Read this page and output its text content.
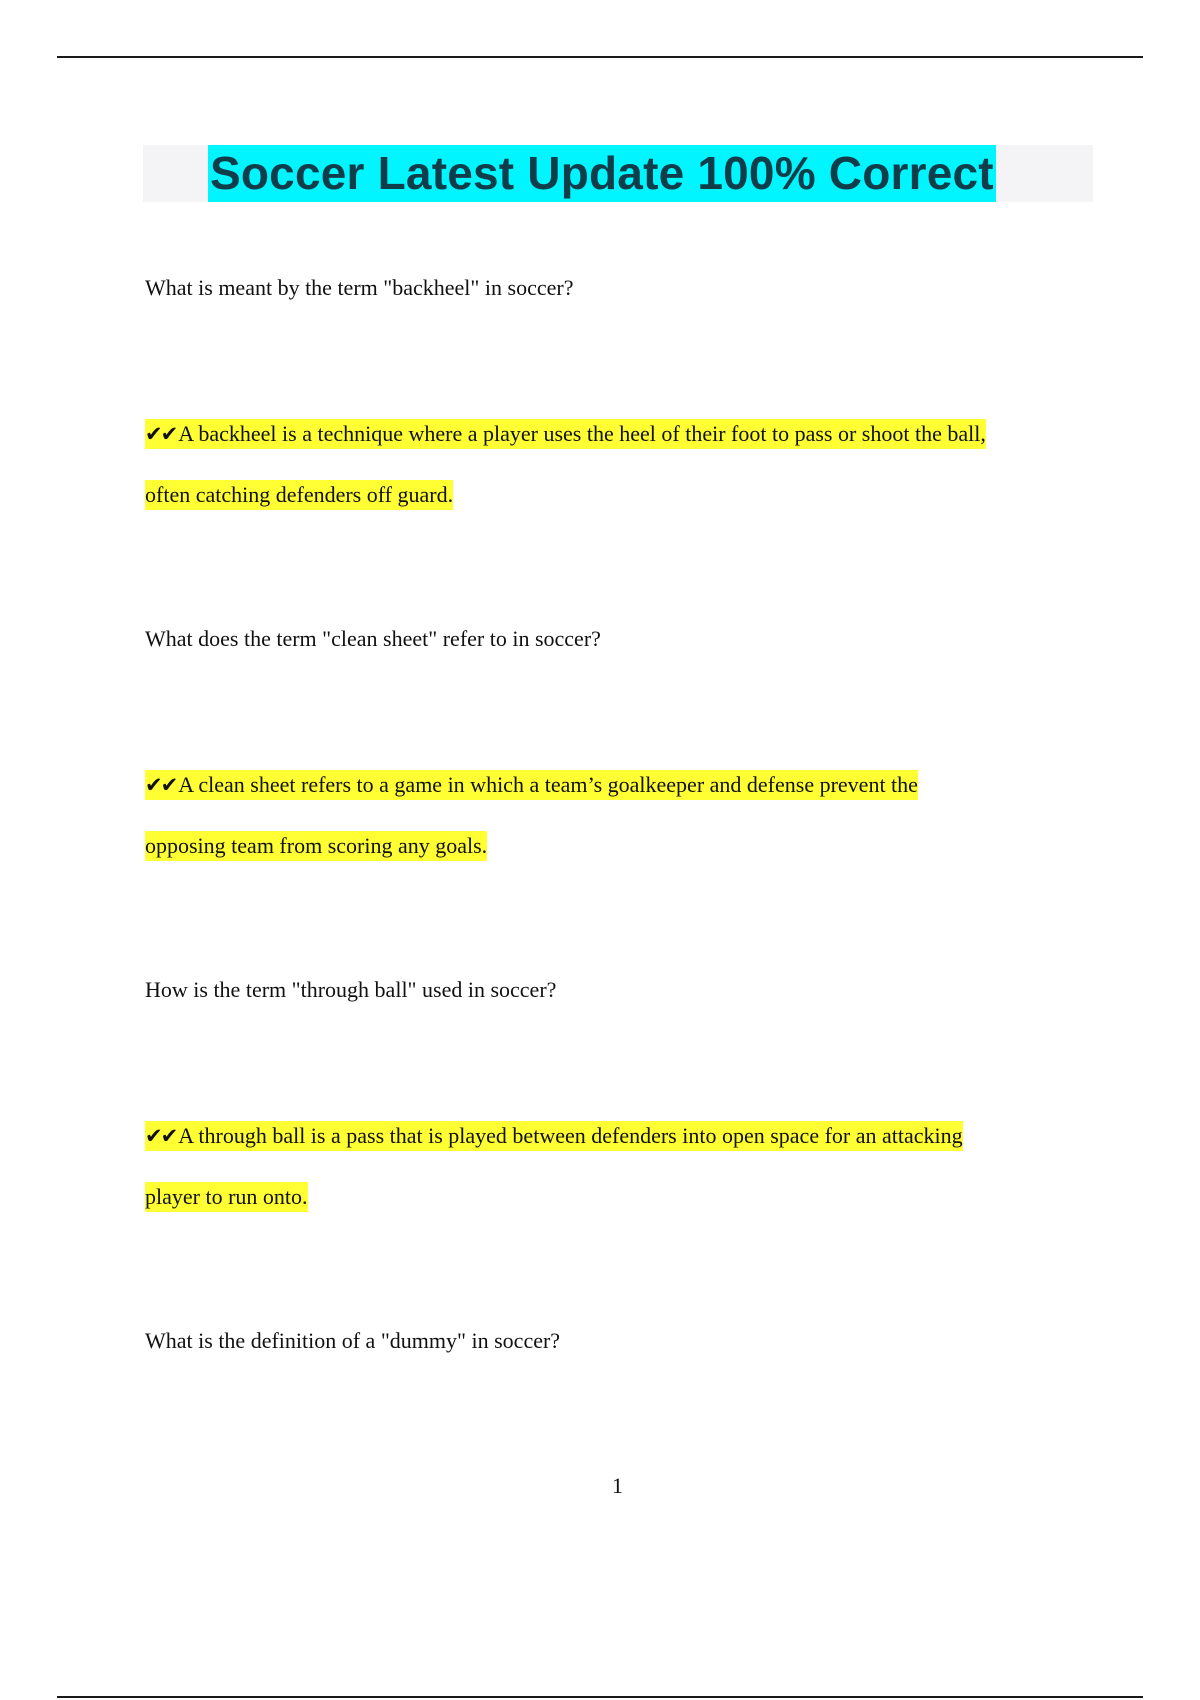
Soccer Latest Update 100% Correct
What is meant by the term "backheel" in soccer?
✔✔A backheel is a technique where a player uses the heel of their foot to pass or shoot the ball,
often catching defenders off guard.
What does the term "clean sheet" refer to in soccer?
✔✔A clean sheet refers to a game in which a team’s goalkeeper and defense prevent the
opposing team from scoring any goals.
How is the term "through ball" used in soccer?
✔✔A through ball is a pass that is played between defenders into open space for an attacking
player to run onto.
What is the definition of a "dummy" in soccer?
1
